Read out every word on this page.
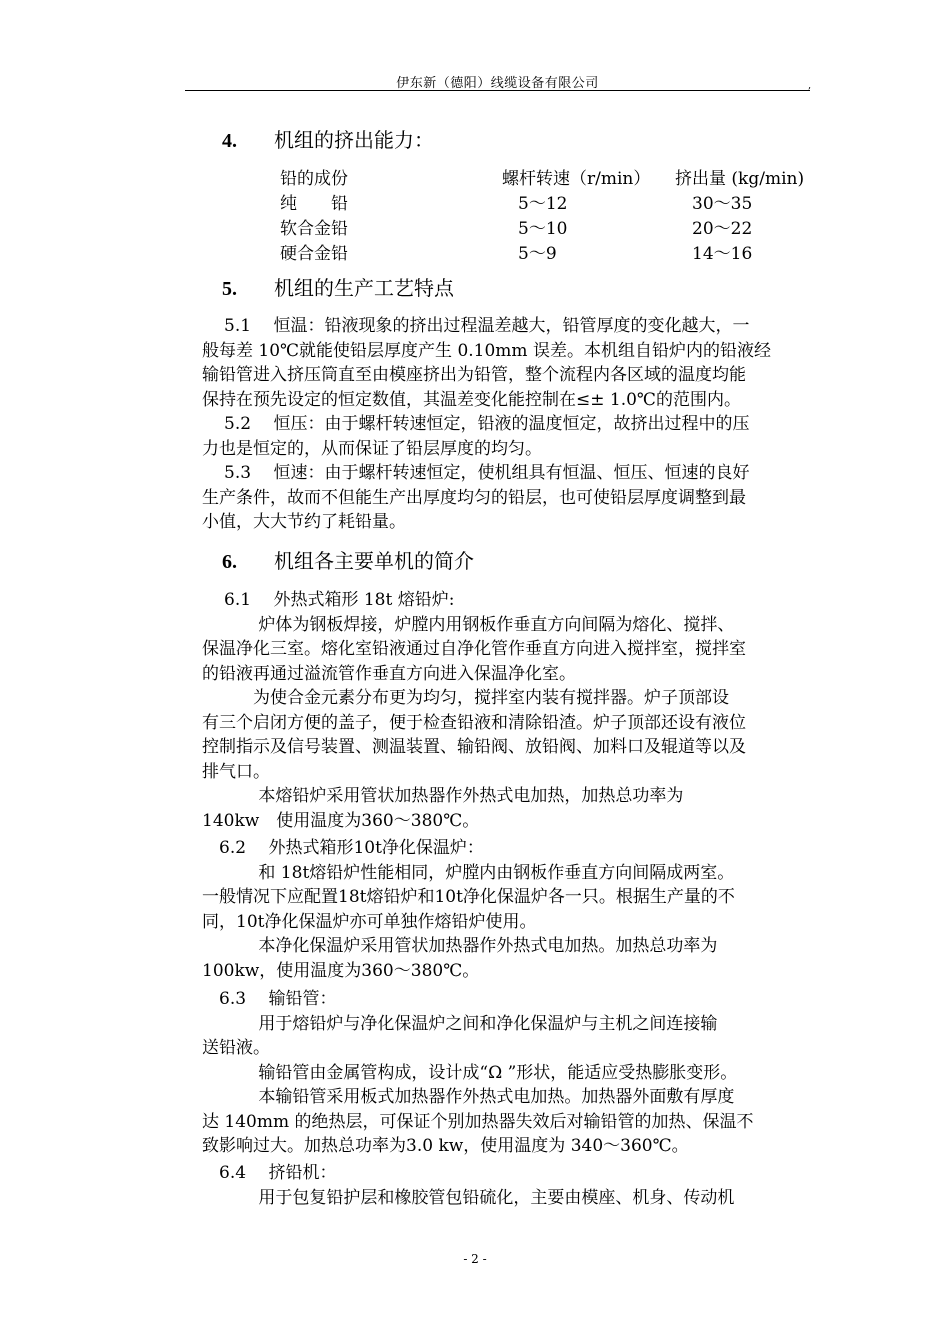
伊东新（德阳）线缆设备有限公司	,
4. 机组的挤出能力：
铅的成份	螺杆转速（r/min） 挤出量 (kg/min)
纯　　铅	5～12	30～35
软合金铅	5～10	20～22
硬合金铅	5～9	14～16
5. 机组的生产工艺特点
5.1　 恒温：铅液现象的挤出过程温差越大，铅管厚度的变化越大，一
般每差 10℃就能使铅层厚度产生 0.10mm 误差。本机组自铅炉内的铅液经
输铅管进入挤压筒直至由模座挤出为铅管，整个流程内各区域的温度均能
保持在预先设定的恒定数值，其温差变化能控制在≤± 1.0℃的范围内。
5.2　 恒压：由于螺杆转速恒定，铅液的温度恒定，故挤出过程中的压
力也是恒定的，从而保证了铅层厚度的均匀。
5.3　 恒速：由于螺杆转速恒定，使机组具有恒温、恒压、恒速的良好
生产条件，故而不但能生产出厚度均匀的铅层，也可使铅层厚度调整到最
小值，大大节约了耗铅量。
6. 机组各主要单机的简介
6.1　 外热式箱形 18t 熔铅炉:
　　　 炉体为钢板焊接，炉膛内用钢板作垂直方向间隔为熔化、搅拌、
保温净化三室。熔化室铅液通过自净化管作垂直方向进入搅拌室，搅拌室
的铅液再通过溢流管作垂直方向进入保温净化室。
　　　为使合金元素分布更为均匀，搅拌室内装有搅拌器。炉子顶部设
有三个启闭方便的盖子，便于检查铅液和清除铅渣。炉子顶部还设有液位
控制指示及信号装置、测温装置、输铅阀、放铅阀、加料口及辊道等以及
排气口。
　　　 本熔铅炉采用管状加热器作外热式电加热，加热总功率为
140kw　使用温度为360～380℃。
　6.2　 外热式箱形10t净化保温炉：
　　　 和 18t熔铅炉性能相同，炉膛内由钢板作垂直方向间隔成两室。
一般情况下应配置18t熔铅炉和10t净化保温炉各一只。根据生产量的不
同，10t净化保温炉亦可单独作熔铅炉使用。
　　　 本净化保温炉采用管状加热器作外热式电加热。加热总功率为
100kw，使用温度为360～380℃。
　6.3　 输铅管：
　　　 用于熔铅炉与净化保温炉之间和净化保温炉与主机之间连接输
送铅液。
　　　 输铅管由金属管构成，设计成“Ω ”形状，能适应受热膨胀变形。
　　　 本输铅管采用板式加热器作外热式电加热。加热器外面敷有厚度
达 140mm 的绝热层，可保证个别加热器失效后对输铅管的加热、保温不
致影响过大。加热总功率为3.0 kw，使用温度为 340～360℃。
　6.4　 挤铅机：
　　　 用于包复铅护层和橡胶管包铅硫化，主要由模座、机身、传动机
- 2 -
